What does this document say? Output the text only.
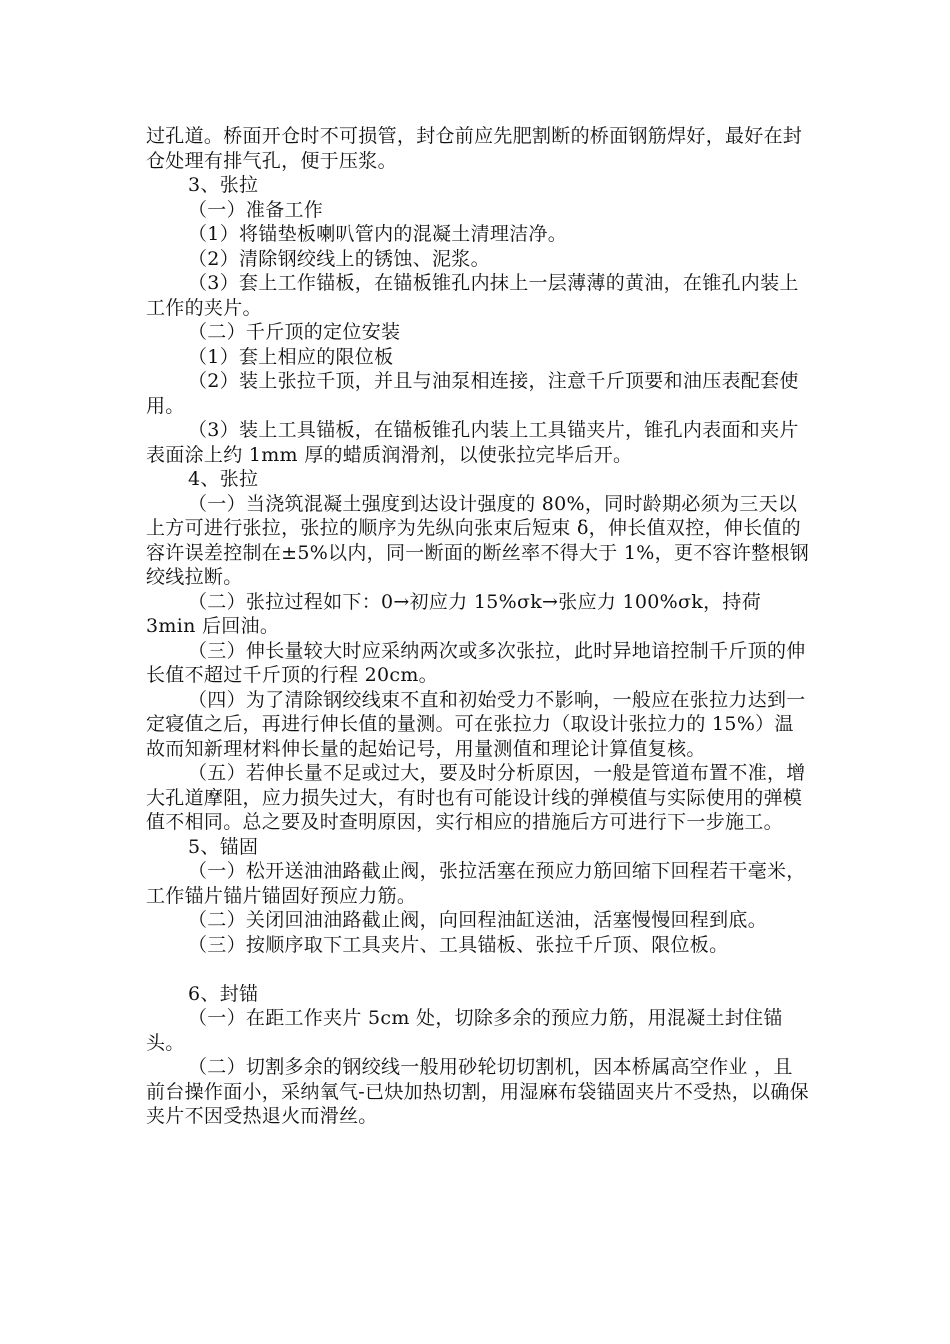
过孔道。桥面开仓时不可损管，封仓前应先肥割断的桥面钢筋焊好，最好在封 仓处理有排气孔，便于压浆。

3、张拉

（一）准备工作

（1）将锚垫板喇叭管内的混凝土清理洁净。

（2）清除钢绞线上的锈蚀、泥浆。

（3）套上工作锚板，在锚板锥孔内抹上一层薄薄的黄油，在锥孔内装上工作的夹片。

（二）千斤顶的定位安装

（1）套上相应的限位板

（2）装上张拉千顶，并且与油泵相连接，注意千斤顶要和油压表配套使用。

（3）装上工具锚板，在锚板锥孔内装上工具锚夹片，锥孔内表面和夹片表面涂上约 1mm 厚的蜡质润滑剂，以使张拉完毕后开。

4、张拉

（一）当浇筑混凝土强度到达设计强度的 80%，同时龄期必须为三天以上方可进行张拉，张拉的顺序为先纵向张束后短束 δ，伸长值双控，伸长值的容许误差控制在±5%以内，同一断面的断丝率不得大于 1%，更不容许整根钢绞线拉断。

（二）张拉过程如下：0→初应力 15%σk→张应力 100%σk，持荷 3min 后回油。

（三）伸长量较大时应采纳两次或多次张拉，此时异地谙控制千斤顶的伸长值不超过千斤顶的行程 20cm。

（四）为了清除钢绞线束不直和初始受力不影响，一般应在张拉力达到一定寝值之后，再进行伸长值的量测。可在张拉力（取设计张拉力的 15%）温故而知新理材料伸长量的起始记号，用量测值和理论计算值复核。

（五）若伸长量不足或过大，要及时分析原因，一般是管道布置不准，增大孔道摩阻，应力损失过大，有时也有可能设计线的弹模值与实际使用的弹模值不相同。总之要及时查明原因，实行相应的措施后方可进行下一步施工。

5、锚固

（一）松开送油油路截止阀，张拉活塞在预应力筋回缩下回程若干毫米，工作锚片锚片锚固好预应力筋。

（二）关闭回油油路截止阀，向回程油缸送油，活塞慢慢回程到底。

（三）按顺序取下工具夹片、工具锚板、张拉千斤顶、限位板。

6、封锚

（一）在距工作夹片 5cm 处，切除多余的预应力筋，用混凝土封住锚头。

（二）切割多余的钢绞线一般用砂轮切切割机，因本桥属高空作业 ，且前台操作面小，采纳氧气-已炔加热切割，用湿麻布袋锚固夹片不受热，以确保夹片不因受热退火而滑丝。
